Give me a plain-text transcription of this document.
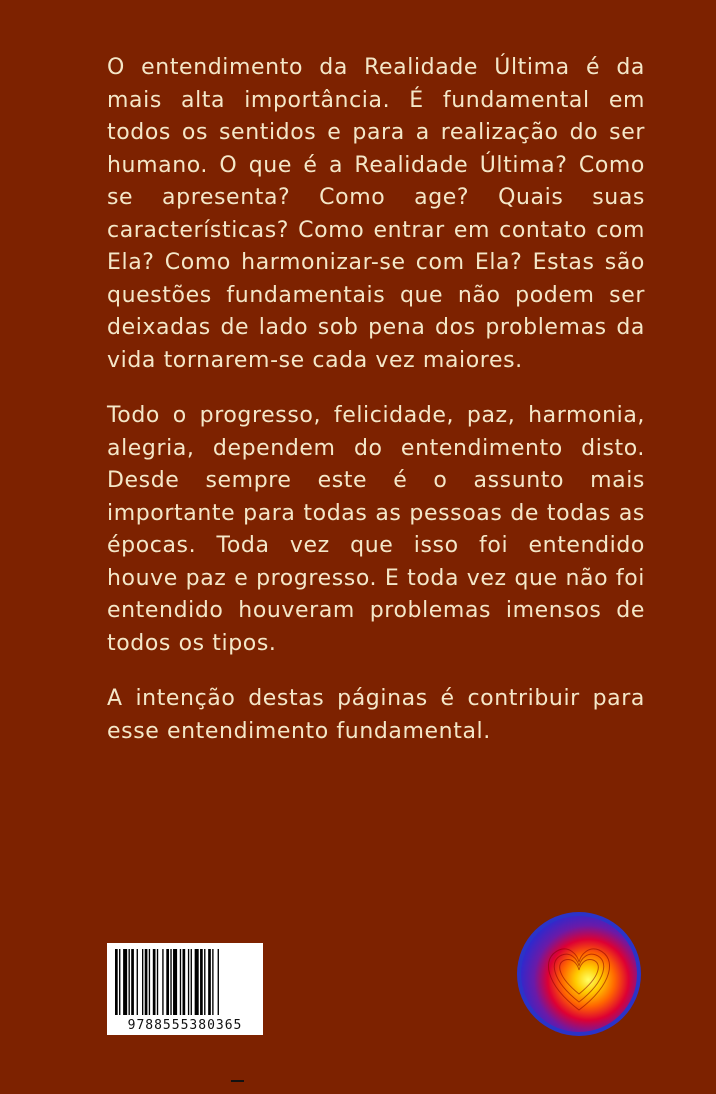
O entendimento da Realidade Última é da mais alta importância. É fundamental em todos os sentidos e para a realização do ser humano. O que é a Realidade Última? Como se apresenta? Como age? Quais suas características? Como entrar em contato com Ela? Como harmonizar-se com Ela? Estas são questões fundamentais que não podem ser deixadas de lado sob pena dos problemas da vida tornarem-se cada vez maiores.

Todo o progresso, felicidade, paz, harmonia, alegria, dependem do entendimento disto. Desde sempre este é o assunto mais importante para todas as pessoas de todas as épocas. Toda vez que isso foi entendido houve paz e progresso. E toda vez que não foi entendido houveram problemas imensos de todos os tipos.

A intenção destas páginas é contribuir para esse entendimento fundamental.

9788555380365
